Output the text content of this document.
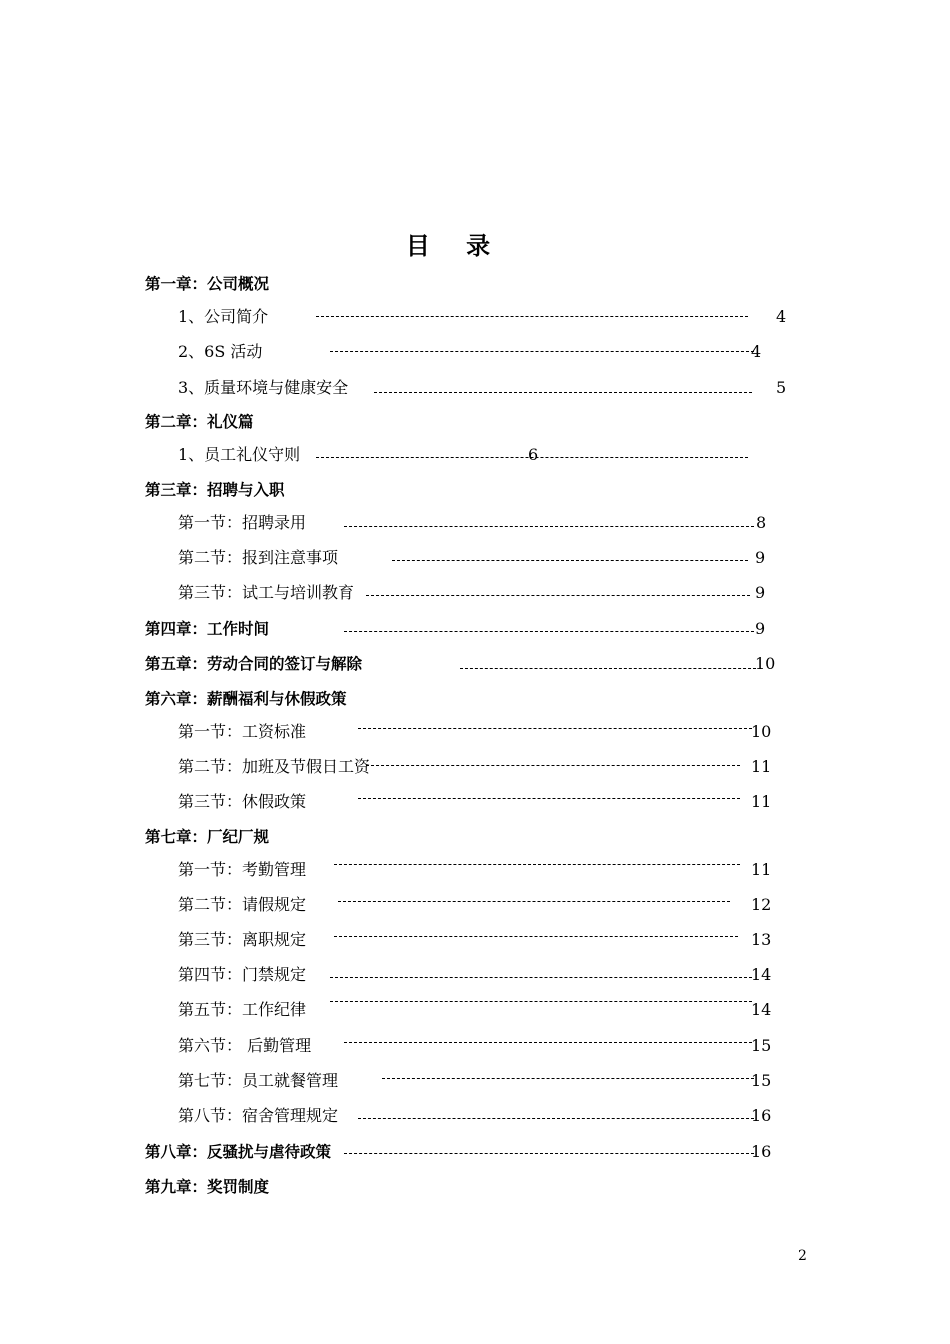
目 录
第一章：公司概况
1、公司简介	4
2、6S 活动	4
3、质量环境与健康安全	5
第二章：礼仪篇
1、员工礼仪守则	6
第三章：招聘与入职
第一节：招聘录用	8
第二节：报到注意事项	9
第三节：试工与培训教育	9
第四章：工作时间	9
第五章：劳动合同的签订与解除	10
第六章：薪酬福利与休假政策
第一节：工资标准	10
第二节：加班及节假日工资	11
第三节：休假政策	11
第七章：厂纪厂规
第一节：考勤管理	11
第二节：请假规定	12
第三节：离职规定	13
第四节：门禁规定	14
第五节：工作纪律	14
第六节： 后勤管理	15
第七节：员工就餐管理	15
第八节：宿舍管理规定	16
第八章：反骚扰与虐待政策	16
第九章：奖罚制度
2
